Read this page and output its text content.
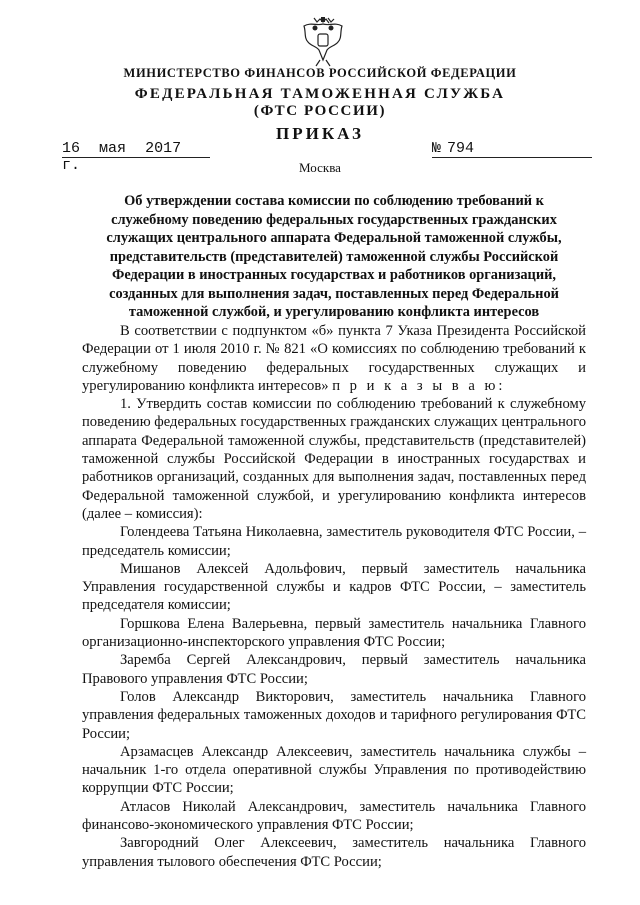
МИНИСТЕРСТВО ФИНАНСОВ РОССИЙСКОЙ ФЕДЕРАЦИИ
ФЕДЕРАЛЬНАЯ ТАМОЖЕННАЯ СЛУЖБА
(ФТС РОССИИ)
ПРИКАЗ
16 мая 2017 г.
№ 794
Москва
Об утверждении состава комиссии по соблюдению требований к служебному поведению федеральных государственных гражданских служащих центрального аппарата Федеральной таможенной службы, представительств (представителей) таможенной службы Российской Федерации в иностранных государствах и работников организаций, созданных для выполнения задач, поставленных перед Федеральной таможенной службой, и урегулированию конфликта интересов

В соответствии с подпунктом «б» пункта 7 Указа Президента Российской Федерации от 1 июля 2010 г. № 821 «О комиссиях по соблюдению требований к служебному поведению федеральных государственных служащих и урегулированию конфликта интересов» п р и к а з ы в а ю:

1. Утвердить состав комиссии по соблюдению требований к служебному поведению федеральных государственных гражданских служащих центрального аппарата Федеральной таможенной службы, представительств (представителей) таможенной службы Российской Федерации в иностранных государствах и работников организаций, созданных для выполнения задач, поставленных перед Федеральной таможенной службой, и урегулированию конфликта интересов (далее – комиссия):

Голендеева Татьяна Николаевна, заместитель руководителя ФТС России, – председатель комиссии;

Мишанов Алексей Адольфович, первый заместитель начальника Управления государственной службы и кадров ФТС России, – заместитель председателя комиссии;

Горшкова Елена Валерьевна, первый заместитель начальника Главного организационно-инспекторского управления ФТС России;

Заремба Сергей Александрович, первый заместитель начальника Правового управления ФТС России;

Голов Александр Викторович, заместитель начальника Главного управления федеральных таможенных доходов и тарифного регулирования ФТС России;

Арзамасцев Александр Алексеевич, заместитель начальника службы – начальник 1-го отдела оперативной службы Управления по противодействию коррупции ФТС России;

Атласов Николай Александрович, заместитель начальника Главного финансово-экономического управления ФТС России;

Завгородний Олег Алексеевич, заместитель начальника Главного управления тылового обеспечения ФТС России;
